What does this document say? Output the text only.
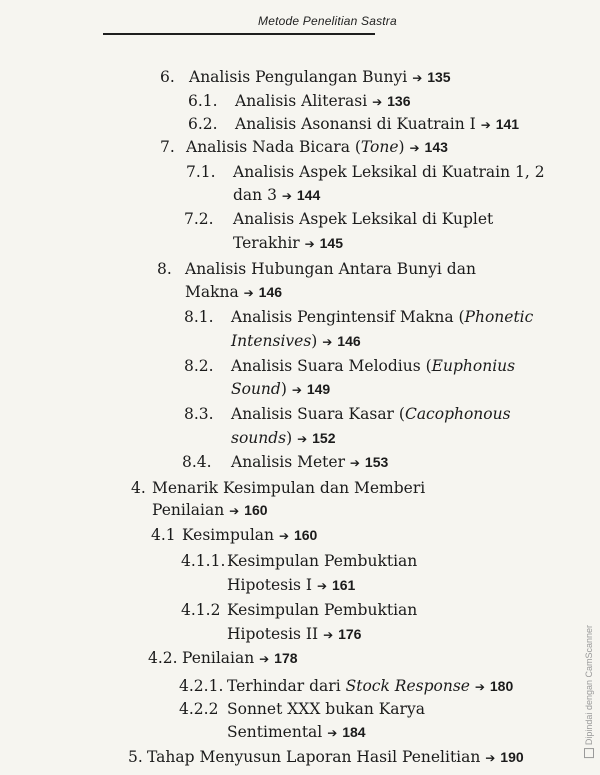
Metode Penelitian Sastra
6. Analisis Pengulangan Bunyi ➔ 135
6.1. Analisis Aliterasi ➔ 136
6.2. Analisis Asonansi di Kuatrain I ➔ 141
7. Analisis Nada Bicara (Tone) ➔ 143
7.1. Analisis Aspek Leksikal di Kuatrain 1, 2
dan 3 ➔ 144
7.2. Analisis Aspek Leksikal di Kuplet
Terakhir ➔ 145
8. Analisis Hubungan Antara Bunyi dan
Makna ➔ 146
8.1. Analisis Pengintensif Makna (Phonetic
Intensives) ➔ 146
8.2. Analisis Suara Melodius (Euphonius
Sound) ➔ 149
8.3. Analisis Suara Kasar (Cacophonous
sounds) ➔ 152
8.4. Analisis Meter ➔ 153
4. Menarik Kesimpulan dan Memberi
Penilaian ➔ 160
4.1 Kesimpulan ➔ 160
4.1.1. Kesimpulan Pembuktian
Hipotesis I ➔ 161
4.1.2 Kesimpulan Pembuktian
Hipotesis II ➔ 176
4.2. Penilaian ➔ 178
4.2.1. Terhindar dari Stock Response ➔ 180
4.2.2 Sonnet XXX bukan Karya
Sentimental ➔ 184
5. Tahap Menyusun Laporan Hasil Penelitian ➔ 190
Dipindai dengan CamScanner
